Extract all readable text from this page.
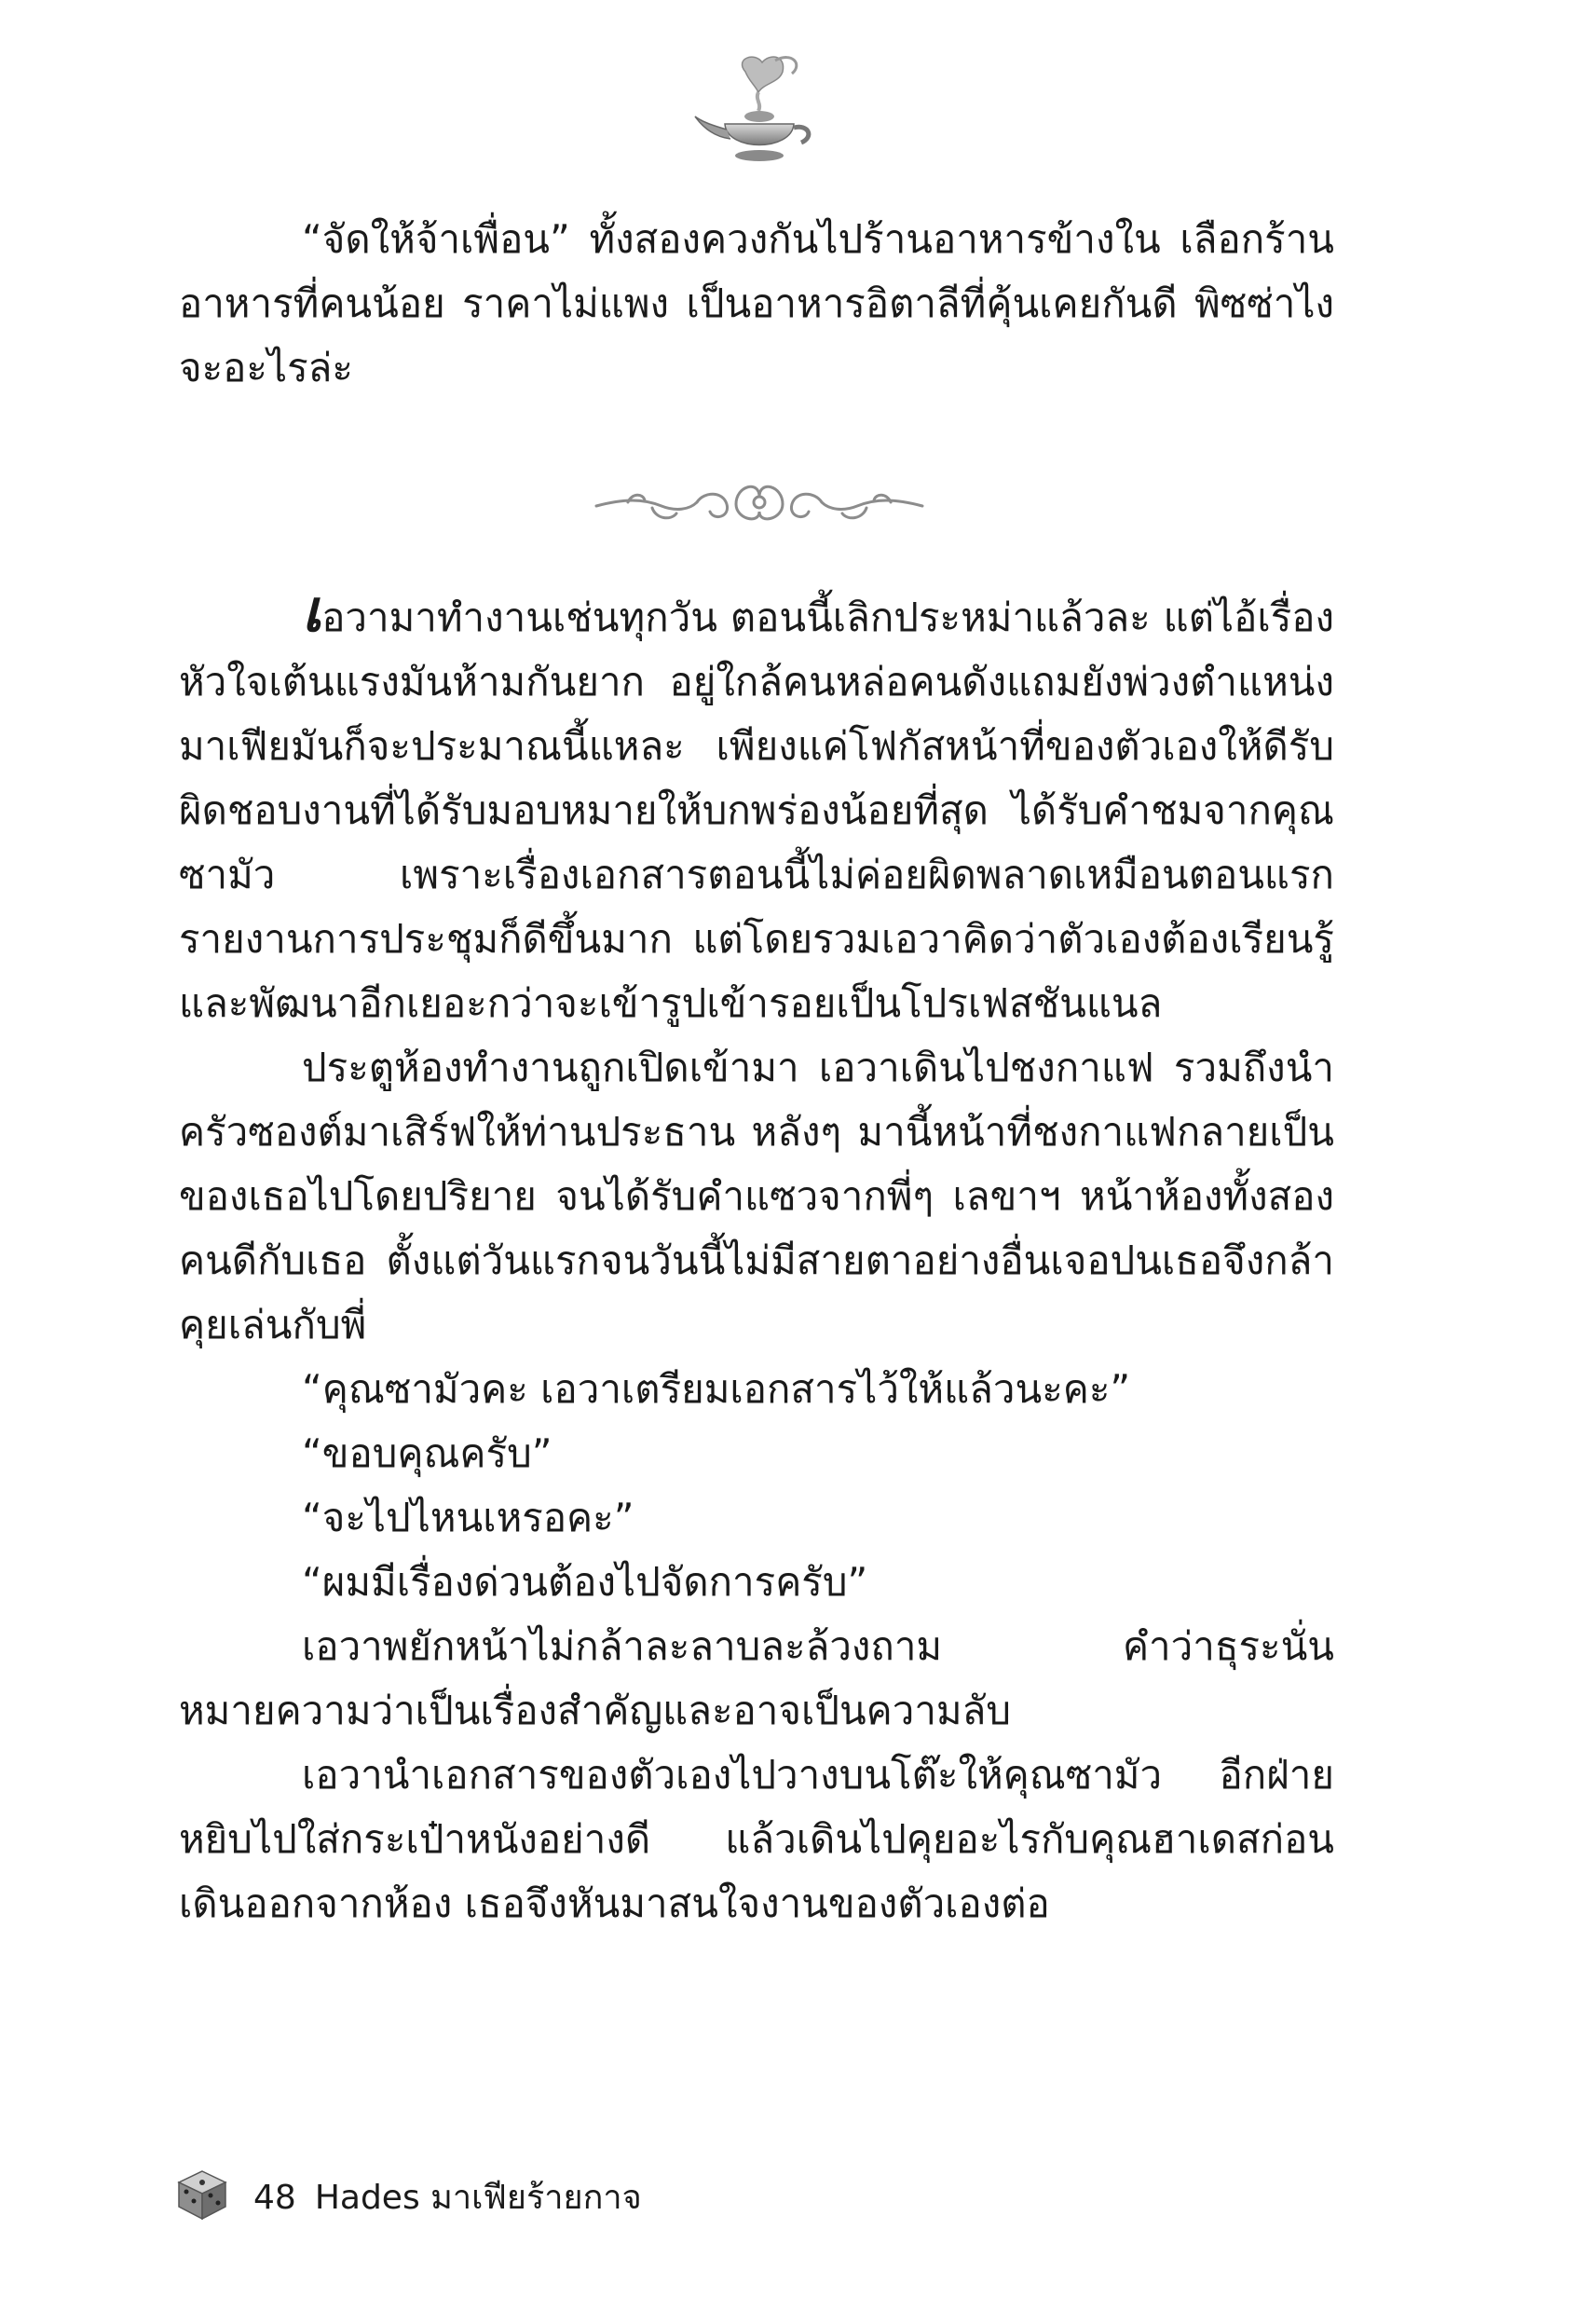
“จัดให้จ้าเพื่อน” ทั้งสองควงกันไปร้านอาหารข้างใน เลือกร้านอาหารที่คนน้อย ราคาไม่แพง เป็นอาหารอิตาลีที่คุ้นเคยกันดี พิซซ่าไงจะอะไรล่ะ

เอวามาทำงานเช่นทุกวัน ตอนนี้เลิกประหม่าแล้วละ แต่ไอ้เรื่องหัวใจเต้นแรงมันห้ามกันยาก อยู่ใกล้คนหล่อคนดังแถมยังพ่วงตำแหน่งมาเฟียมันก็จะประมาณนี้แหละ เพียงแค่โฟกัสหน้าที่ของตัวเองให้ดีรับผิดชอบงานที่ได้รับมอบหมายให้บกพร่องน้อยที่สุด ได้รับคำชมจากคุณซามัว เพราะเรื่องเอกสารตอนนี้ไม่ค่อยผิดพลาดเหมือนตอนแรกรายงานการประชุมก็ดีขึ้นมาก แต่โดยรวมเอวาคิดว่าตัวเองต้องเรียนรู้และพัฒนาอีกเยอะกว่าจะเข้ารูปเข้ารอยเป็นโปรเฟสชันแนล

ประตูห้องทำงานถูกเปิดเข้ามา เอวาเดินไปชงกาแฟ รวมถึงนำครัวซองต์มาเสิร์ฟให้ท่านประธาน หลังๆ มานี้หน้าที่ชงกาแฟกลายเป็นของเธอไปโดยปริยาย จนได้รับคำแซวจากพี่ๆ เลขาฯ หน้าห้องทั้งสองคนดีกับเธอ ตั้งแต่วันแรกจนวันนี้ไม่มีสายตาอย่างอื่นเจอปนเธอจึงกล้าคุยเล่นกับพี่

“คุณซามัวคะ เอวาเตรียมเอกสารไว้ให้แล้วนะคะ”

“ขอบคุณครับ”

“จะไปไหนเหรอคะ”

“ผมมีเรื่องด่วนต้องไปจัดการครับ”

เอวาพยักหน้าไม่กล้าละลาบละล้วงถาม คำว่าธุระนั่นหมายความว่าเป็นเรื่องสำคัญและอาจเป็นความลับ

เอวานำเอกสารของตัวเองไปวางบนโต๊ะให้คุณซามัว อีกฝ่ายหยิบไปใส่กระเป๋าหนังอย่างดี แล้วเดินไปคุยอะไรกับคุณฮาเดสก่อนเดินออกจากห้อง เธอจึงหันมาสนใจงานของตัวเองต่อ

48 Hades มาเฟียร้ายกาจ
